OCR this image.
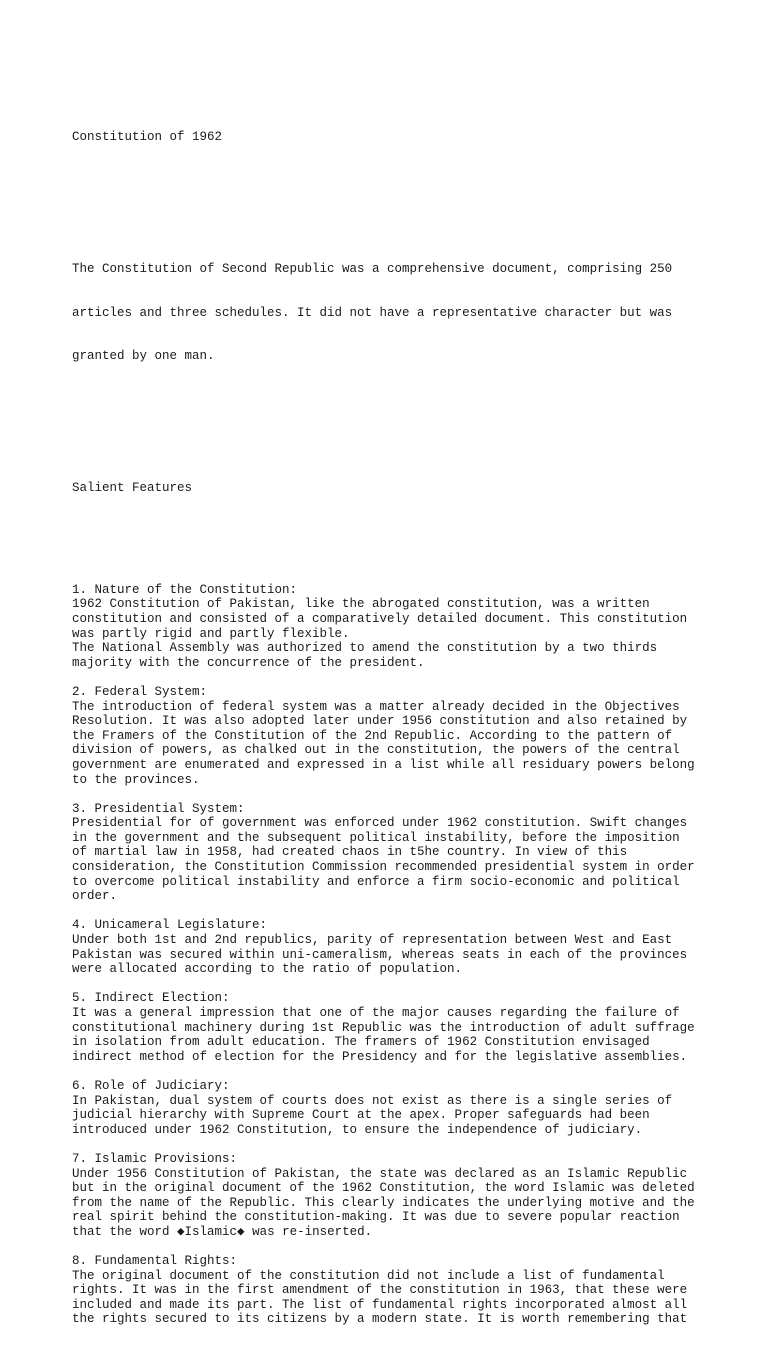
Constitution of 1962

The Constitution of Second Republic was a comprehensive document, comprising 250

articles and three schedules. It did not have a representative character but was

granted by one man.

Salient Features

1. Nature of the Constitution:
1962 Constitution of Pakistan, like the abrogated constitution, was a written
constitution and consisted of a comparatively detailed document. This constitution
was partly rigid and partly flexible.
The National Assembly was authorized to amend the constitution by a two thirds
majority with the concurrence of the president.
2. Federal System:
The introduction of federal system was a matter already decided in the Objectives
Resolution. It was also adopted later under 1956 constitution and also retained by
the Framers of the Constitution of the 2nd Republic. According to the pattern of
division of powers, as chalked out in the constitution, the powers of the central
government are enumerated and expressed in a list while all residuary powers belong
to the provinces.
3. Presidential System:
Presidential for of government was enforced under 1962 constitution. Swift changes
in the government and the subsequent political instability, before the imposition
of martial law in 1958, had created chaos in t5he country. In view of this
consideration, the Constitution Commission recommended presidential system in order
to overcome political instability and enforce a firm socio-economic and political
order.
4. Unicameral Legislature:
Under both 1st and 2nd republics, parity of representation between West and East
Pakistan was secured within uni-cameralism, whereas seats in each of the provinces
were allocated according to the ratio of population.
5. Indirect Election:
It was a general impression that one of the major causes regarding the failure of
constitutional machinery during 1st Republic was the introduction of adult suffrage
in isolation from adult education. The framers of 1962 Constitution envisaged
indirect method of election for the Presidency and for the legislative assemblies.
6. Role of Judiciary:
In Pakistan, dual system of courts does not exist as there is a single series of
judicial hierarchy with Supreme Court at the apex. Proper safeguards had been
introduced under 1962 Constitution, to ensure the independence of judiciary.
7. Islamic Provisions:
Under 1956 Constitution of Pakistan, the state was declared as an Islamic Republic
but in the original document of the 1962 Constitution, the word Islamic was deleted
from the name of the Republic. This clearly indicates the underlying motive and the
real spirit behind the constitution-making. It was due to severe popular reaction
that the word ◆Islamic◆ was re-inserted.
8. Fundamental Rights:
The original document of the constitution did not include a list of fundamental
rights. It was in the first amendment of the constitution in 1963, that these were
included and made its part. The list of fundamental rights incorporated almost all
the rights secured to its citizens by a modern state. It is worth remembering that
